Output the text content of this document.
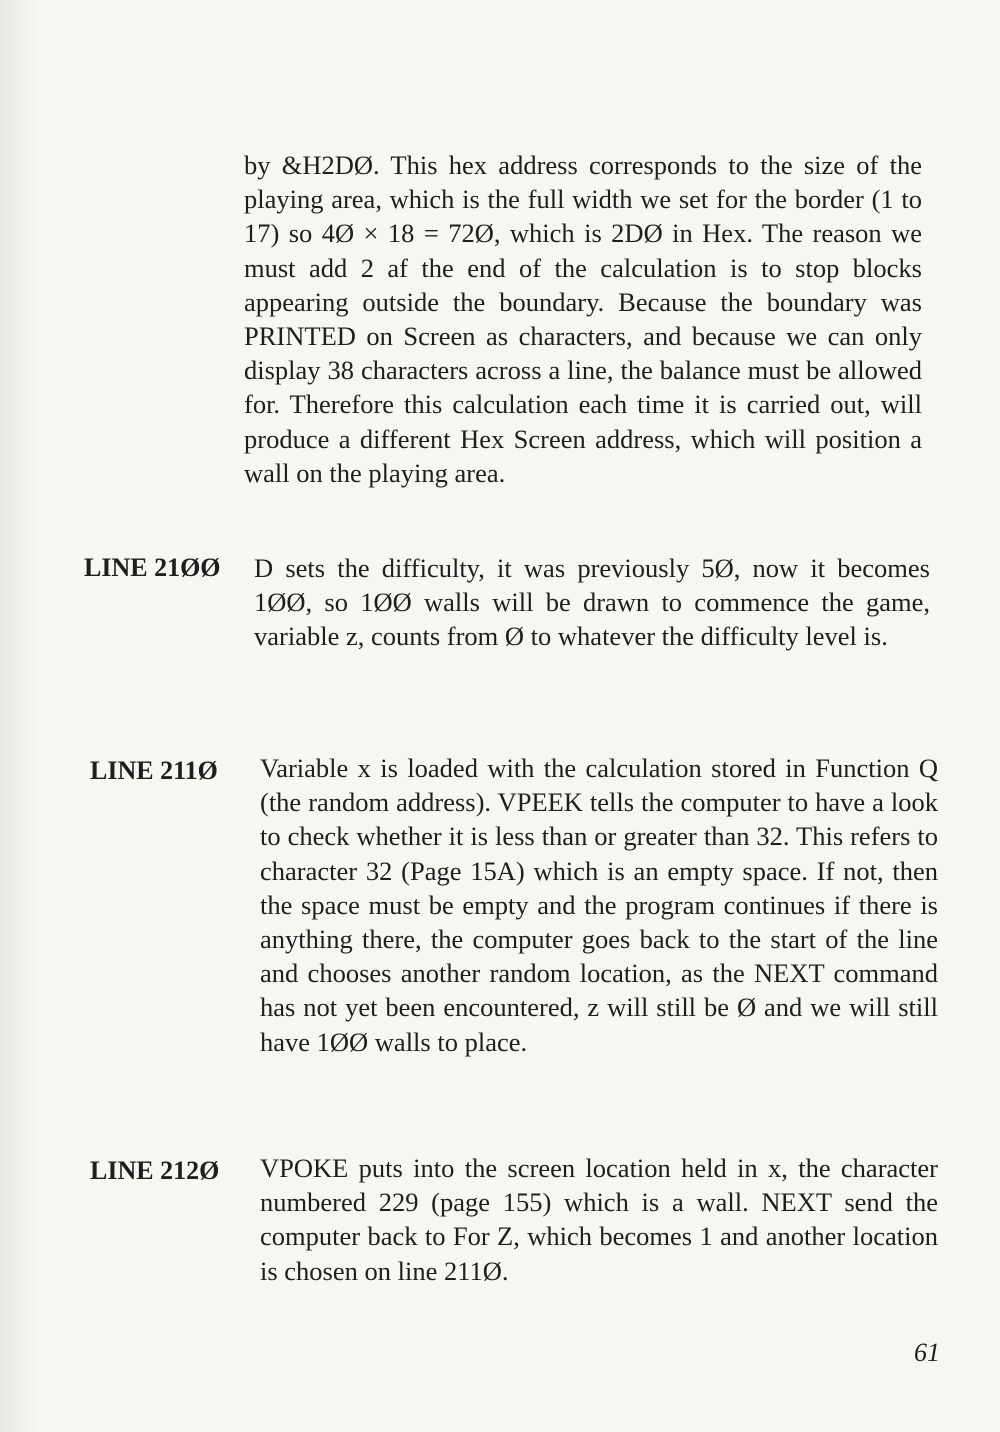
by &H2DØ. This hex address corresponds to the size of the playing area, which is the full width we set for the border (1 to 17) so 4Ø × 18 = 72Ø, which is 2DØ in Hex. The reason we must add 2 af the end of the calculation is to stop blocks appearing outside the boundary. Because the boundary was PRINTED on Screen as characters, and because we can only display 38 characters across a line, the balance must be allowed for. Therefore this calculation each time it is carried out, will produce a different Hex Screen address, which will position a wall on the playing area.

LINE 21ØØ D sets the difficulty, it was previously 5Ø, now it becomes 1ØØ, so 1ØØ walls will be drawn to commence the game, variable z, counts from Ø to whatever the difficulty level is.

LINE 211Ø Variable x is loaded with the calculation stored in Function Q (the random address). VPEEK tells the computer to have a look to check whether it is less than or greater than 32. This refers to character 32 (Page 15A) which is an empty space. If not, then the space must be empty and the program continues if there is anything there, the computer goes back to the start of the line and chooses another random location, as the NEXT command has not yet been encountered, z will still be Ø and we will still have 1ØØ walls to place.

LINE 212Ø VPOKE puts into the screen location held in x, the character numbered 229 (page 155) which is a wall. NEXT send the computer back to For Z, which becomes 1 and another location is chosen on line 211Ø.

61
